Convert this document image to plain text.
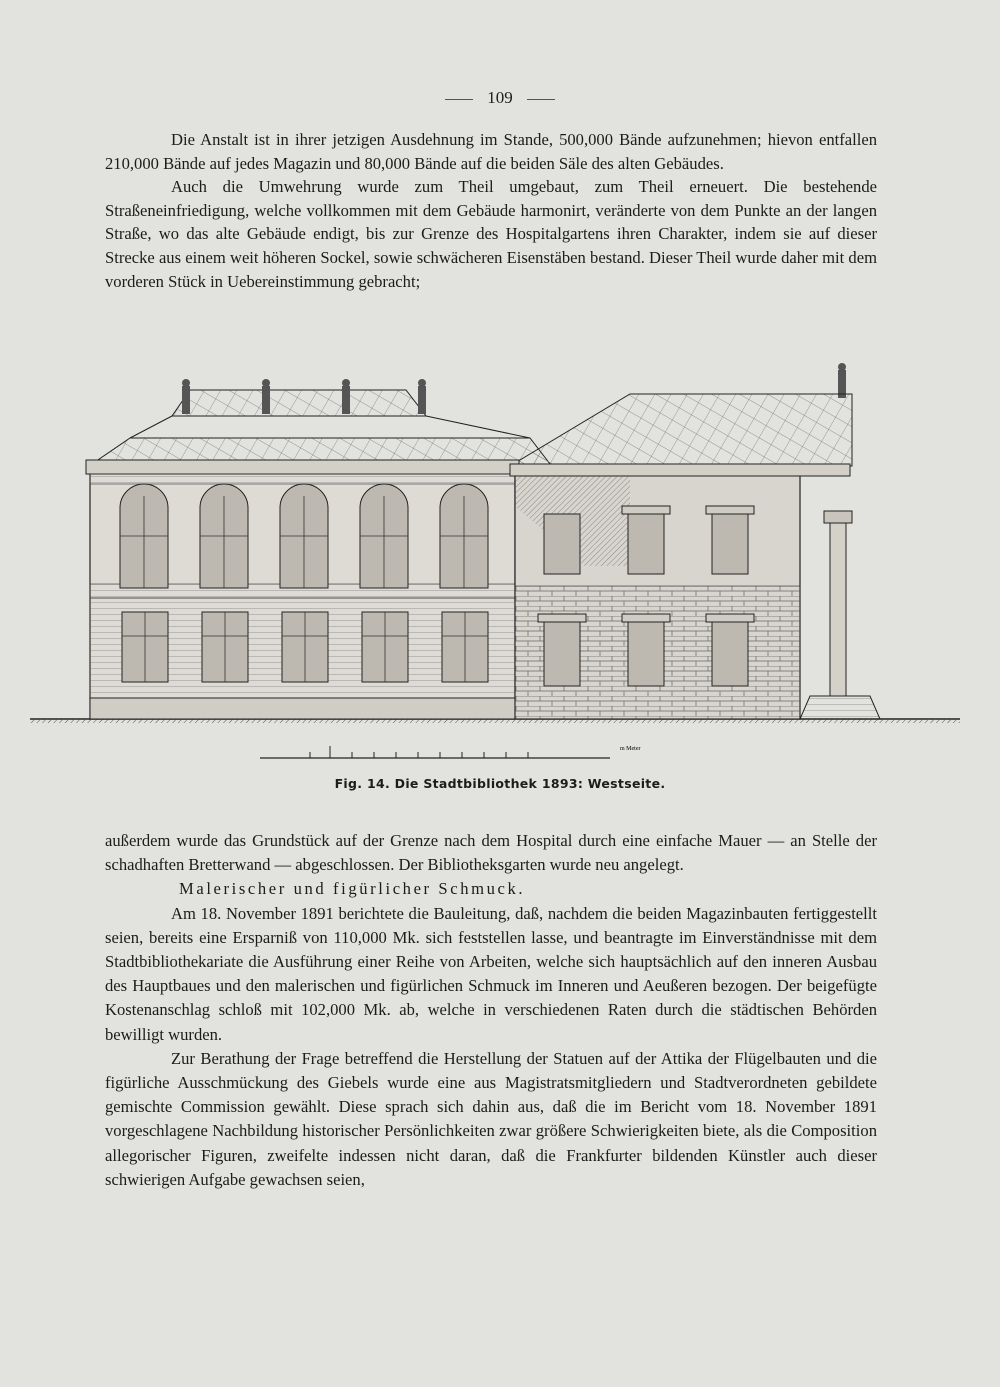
109

Die Anstalt ist in ihrer jetzigen Ausdehnung im Stande, 500,000 Bände aufzunehmen; hievon entfallen 210,000 Bände auf jedes Magazin und 80,000 Bände auf die beiden Säle des alten Gebäudes.

Auch die Umwehrung wurde zum Theil umgebaut, zum Theil erneuert. Die bestehende Straßeneinfriedigung, welche vollkommen mit dem Gebäude harmonirt, veränderte von dem Punkte an der langen Straße, wo das alte Gebäude endigt, bis zur Grenze des Hospitalgartens ihren Charakter, indem sie auf dieser Strecke aus einem weit höheren Sockel, sowie schwächeren Eisenstäben bestand. Dieser Theil wurde daher mit dem vorderen Stück in Uebereinstimmung gebracht;

m Meter
Fig. 14. Die Stadtbibliothek 1893: Westseite.

außerdem wurde das Grundstück auf der Grenze nach dem Hospital durch eine einfache Mauer — an Stelle der schadhaften Bretterwand — abgeschlossen. Der Bibliotheksgarten wurde neu angelegt.

Malerischer und figürlicher Schmuck.

Am 18. November 1891 berichtete die Bauleitung, daß, nachdem die beiden Magazinbauten fertiggestellt seien, bereits eine Ersparniß von 110,000 Mk. sich feststellen lasse, und beantragte im Einverständnisse mit dem Stadtbibliothekariate die Ausführung einer Reihe von Arbeiten, welche sich hauptsächlich auf den inneren Ausbau des Hauptbaues und den malerischen und figürlichen Schmuck im Inneren und Aeußeren bezogen. Der beigefügte Kostenanschlag schloß mit 102,000 Mk. ab, welche in verschiedenen Raten durch die städtischen Behörden bewilligt wurden.

Zur Berathung der Frage betreffend die Herstellung der Statuen auf der Attika der Flügelbauten und die figürliche Ausschmückung des Giebels wurde eine aus Magistratsmitgliedern und Stadtverordneten gebildete gemischte Commission gewählt. Diese sprach sich dahin aus, daß die im Bericht vom 18. November 1891 vorgeschlagene Nachbildung historischer Persönlichkeiten zwar größere Schwierigkeiten biete, als die Composition allegorischer Figuren, zweifelte indessen nicht daran, daß die Frankfurter bildenden Künstler auch dieser schwierigen Aufgabe gewachsen seien,
